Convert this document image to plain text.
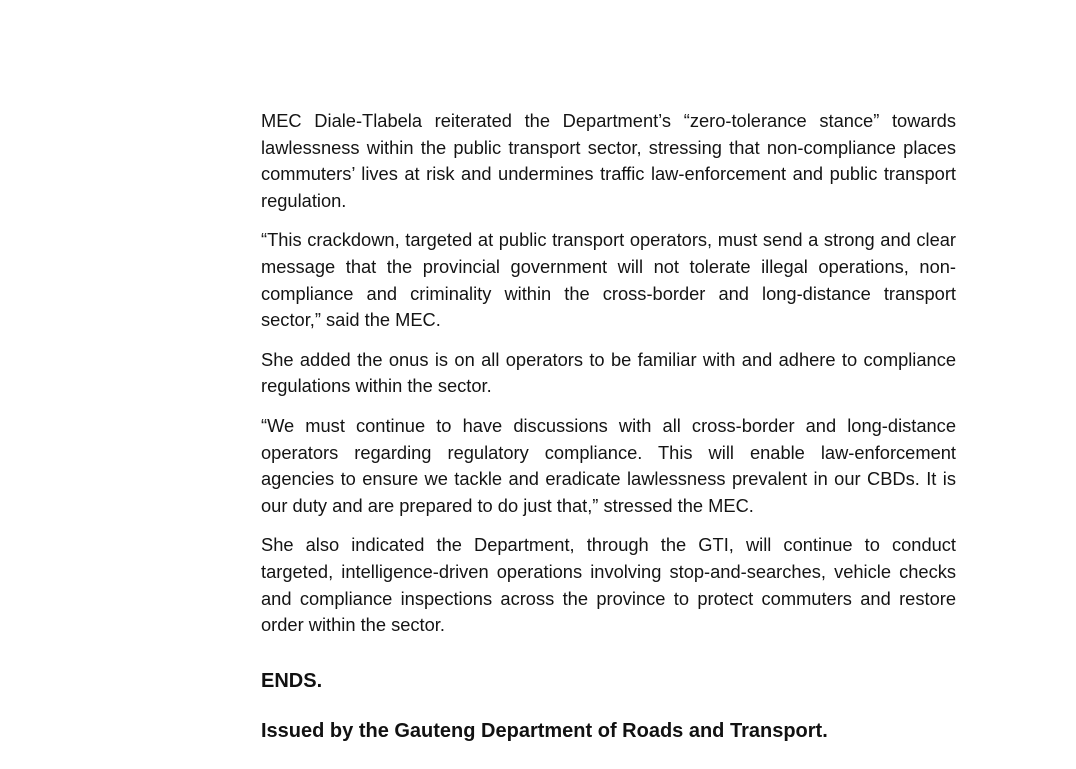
MEC Diale-Tlabela reiterated the Department’s “zero-tolerance stance” towards lawlessness within the public transport sector, stressing that non-compliance places commuters’ lives at risk and undermines traffic law-enforcement and public transport regulation.

“This crackdown, targeted at public transport operators, must send a strong and clear message that the provincial government will not tolerate illegal operations, non-compliance and criminality within the cross-border and long-distance transport sector,” said the MEC.

She added the onus is on all operators to be familiar with and adhere to compliance regulations within the sector.

“We must continue to have discussions with all cross-border and long-distance operators regarding regulatory compliance. This will enable law-enforcement agencies to ensure we tackle and eradicate lawlessness prevalent in our CBDs. It is our duty and are prepared to do just that,” stressed the MEC.

She also indicated the Department, through the GTI, will continue to conduct targeted, intelligence-driven operations involving stop-and-searches, vehicle checks and compliance inspections across the province to protect commuters and restore order within the sector.

ENDS.

Issued by the Gauteng Department of Roads and Transport.
